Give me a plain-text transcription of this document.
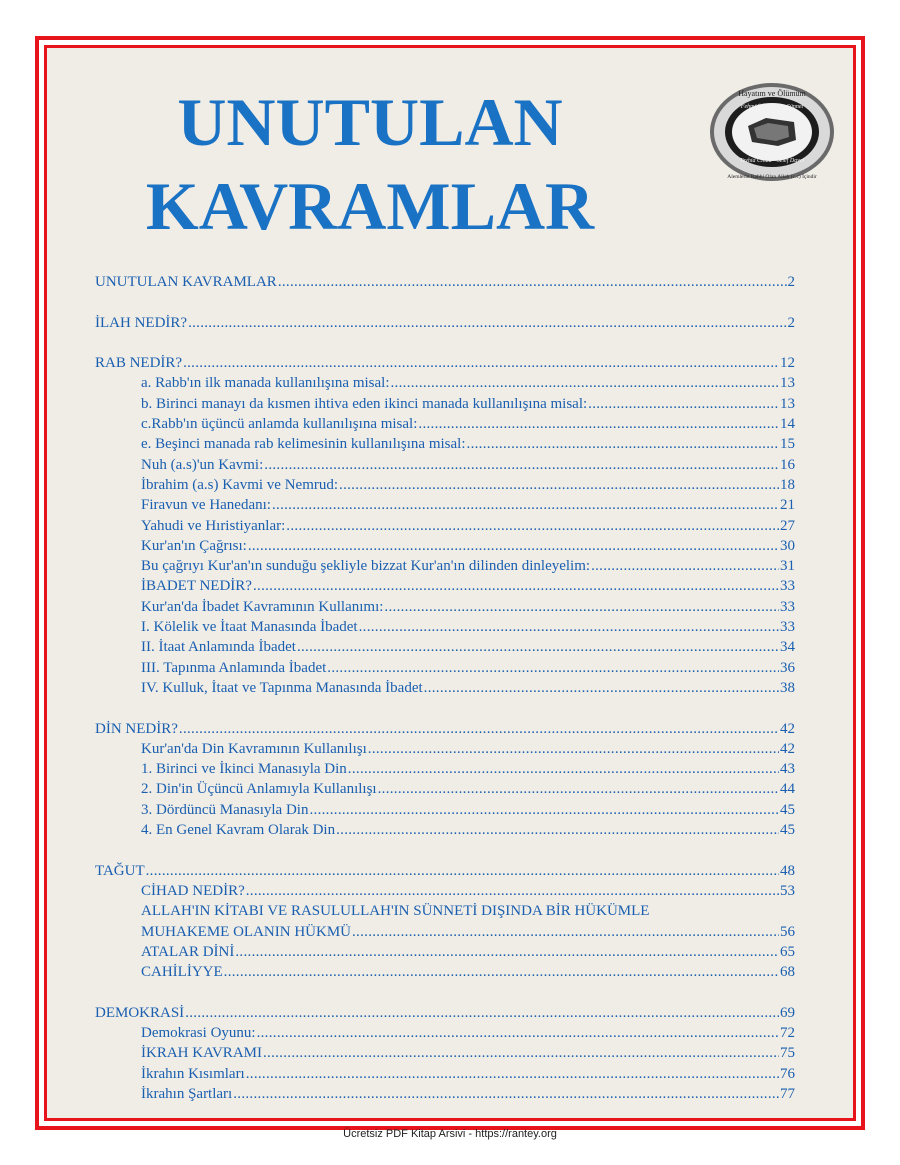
UNUTULAN
KAVRAMLAR
Hayatım ve Ölümüm
Alemlerin Rabbi Olan Allah (c.c) İçindir
Fehmü'l Kur'an ve Sünnet
Tevhid Cihad - Selef Davet
UNUTULAN KAVRAMLAR .....	2
İLAH NEDİR? .....	2
RAB NEDİR? .....	12
a. Rabb'ın ilk manada kullanılışına misal: .....	13
b. Birinci manayı da kısmen ihtiva eden ikinci manada kullanılışına misal: .....	13
c.Rabb'ın üçüncü anlamda kullanılışına misal: .....	14
e. Beşinci manada rab kelimesinin kullanılışına misal: .....	15
Nuh (a.s)'un Kavmi: .....	16
İbrahim (a.s) Kavmi ve Nemrud: .....	18
Firavun ve Hanedanı: .....	21
Yahudi ve Hıristiyanlar: .....	27
Kur'an'ın Çağrısı: .....	30
Bu çağrıyı Kur'an'ın sunduğu şekliyle bizzat Kur'an'ın dilinden dinleyelim: .....	31
İBADET NEDİR? .....	33
Kur'an'da İbadet Kavramının Kullanımı: .....	33
I. Kölelik ve İtaat Manasında İbadet .....	33
II. İtaat Anlamında İbadet .....	34
III. Tapınma Anlamında İbadet .....	36
IV. Kulluk, İtaat ve Tapınma Manasında İbadet .....	38
DİN NEDİR? .....	42
Kur'an'da Din Kavramının Kullanılışı .....	42
1. Birinci ve İkinci Manasıyla Din .....	43
2. Din'in Üçüncü Anlamıyla Kullanılışı .....	44
3. Dördüncü Manasıyla Din .....	45
4. En Genel Kavram Olarak Din .....	45
TAĞUT .....	48
CİHAD NEDİR? .....	53
ALLAH'IN KİTABI VE RASULULLAH'IN SÜNNETİ DIŞINDA BİR HÜKÜMLE
MUHAKEME OLANIN HÜKMÜ .....	56
ATALAR DİNİ .....	65
CAHİLİYYE .....	68
DEMOKRASİ .....	69
Demokrasi Oyunu: .....	72
İKRAH KAVRAMI .....	75
İkrahın Kısımları .....	76
İkrahın Şartları .....	77
Ücretsiz PDF Kitap Arsivi - https://rantey.org
